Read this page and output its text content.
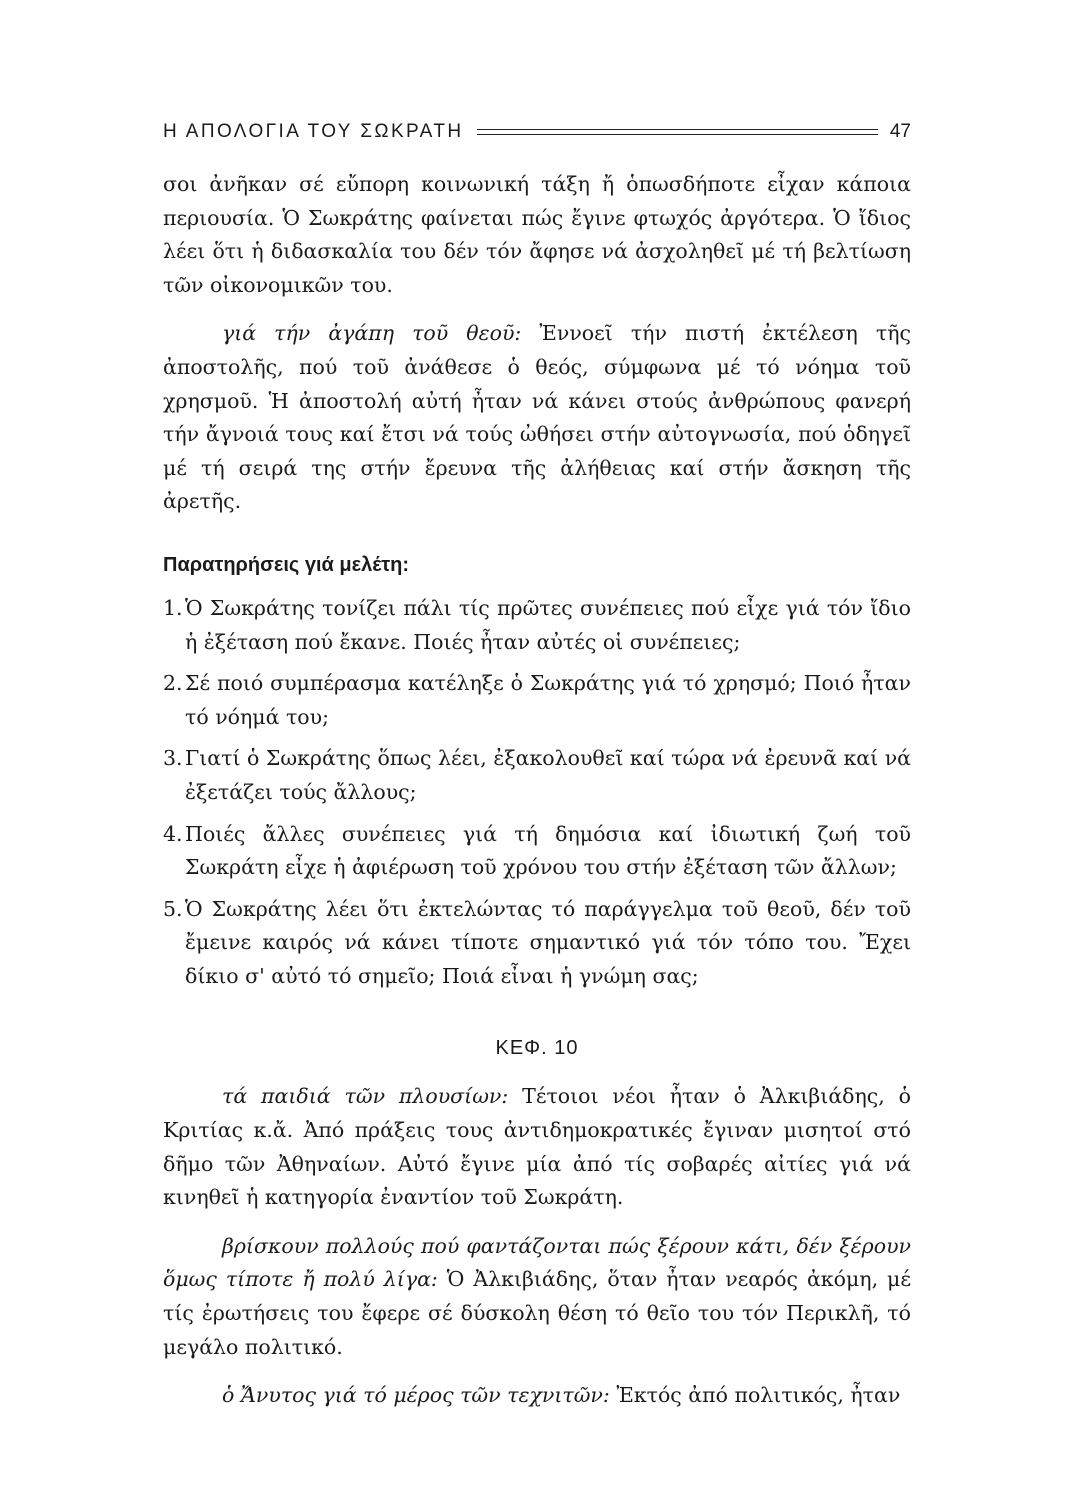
Η ΑΠΟΛΟΓΙΑ ΤΟΥ ΣΩΚΡΑΤΗ	47

σοι ἀνῆκαν σέ εὔπορη κοινωνική τάξη ἤ ὁπωσδήποτε εἶχαν κάποια περιουσία. Ὁ Σωκράτης φαίνεται πώς ἔγινε φτωχός ἀργότερα. Ὁ ἴδιος λέει ὅτι ἡ διδασκαλία του δέν τόν ἄφησε νά ἀσχοληθεῖ μέ τή βελτίωση τῶν οἰκονομικῶν του.

γιά τήν ἀγάπη τοῦ θεοῦ: Ἐννοεῖ τήν πιστή ἐκτέλεση τῆς ἀποστολῆς, πού τοῦ ἀνάθεσε ὁ θεός, σύμφωνα μέ τό νόημα τοῦ χρησμοῦ. Ἡ ἀποστολή αὐτή ἦταν νά κάνει στούς ἀνθρώπους φανερή τήν ἄγνοιά τους καί ἔτσι νά τούς ὠθήσει στήν αὐτογνωσία, πού ὁδηγεῖ μέ τή σειρά της στήν ἔρευνα τῆς ἀλήθειας καί στήν ἄσκηση τῆς ἀρετῆς.

Παρατηρήσεις γιά μελέτη:
1. Ὁ Σωκράτης τονίζει πάλι τίς πρῶτες συνέπειες πού εἶχε γιά τόν ἴδιο ἡ ἐξέταση πού ἔκανε. Ποιές ἦταν αὐτές οἱ συνέπειες;
2. Σέ ποιό συμπέρασμα κατέληξε ὁ Σωκράτης γιά τό χρησμό; Ποιό ἦταν τό νόημά του;
3. Γιατί ὁ Σωκράτης ὅπως λέει, ἐξακολουθεῖ καί τώρα νά ἐρευνᾶ καί νά ἐξετάζει τούς ἄλλους;
4. Ποιές ἄλλες συνέπειες γιά τή δημόσια καί ἰδιωτική ζωή τοῦ Σωκράτη εἶχε ἡ ἀφιέρωση τοῦ χρόνου του στήν ἐξέταση τῶν ἄλλων;
5. Ὁ Σωκράτης λέει ὅτι ἐκτελώντας τό παράγγελμα τοῦ θεοῦ, δέν τοῦ ἔμεινε καιρός νά κάνει τίποτε σημαντικό γιά τόν τόπο του. Ἔχει δίκιο σ' αὐτό τό σημεῖο; Ποιά εἶναι ἡ γνώμη σας;
ΚΕΦ. 10

τά παιδιά τῶν πλουσίων: Τέτοιοι νέοι ἦταν ὁ Ἀλκιβιάδης, ὁ Κριτίας κ.ἄ. Ἀπό πράξεις τους ἀντιδημοκρατικές ἔγιναν μισητοί στό δῆμο τῶν Ἀθηναίων. Αὐτό ἔγινε μία ἀπό τίς σοβαρές αἰτίες γιά νά κινηθεῖ ἡ κατηγορία ἐναντίον τοῦ Σωκράτη.

βρίσκουν πολλούς πού φαντάζονται πώς ξέρουν κάτι, δέν ξέρουν ὅμως τίποτε ἤ πολύ λίγα: Ὁ Ἀλκιβιάδης, ὅταν ἦταν νεαρός ἀκόμη, μέ τίς ἐρωτήσεις του ἔφερε σέ δύσκολη θέση τό θεῖο του τόν Περικλῆ, τό μεγάλο πολιτικό.

ὁ Ἄνυτος γιά τό μέρος τῶν τεχνιτῶν: Ἐκτός ἀπό πολιτικός, ἦταν
